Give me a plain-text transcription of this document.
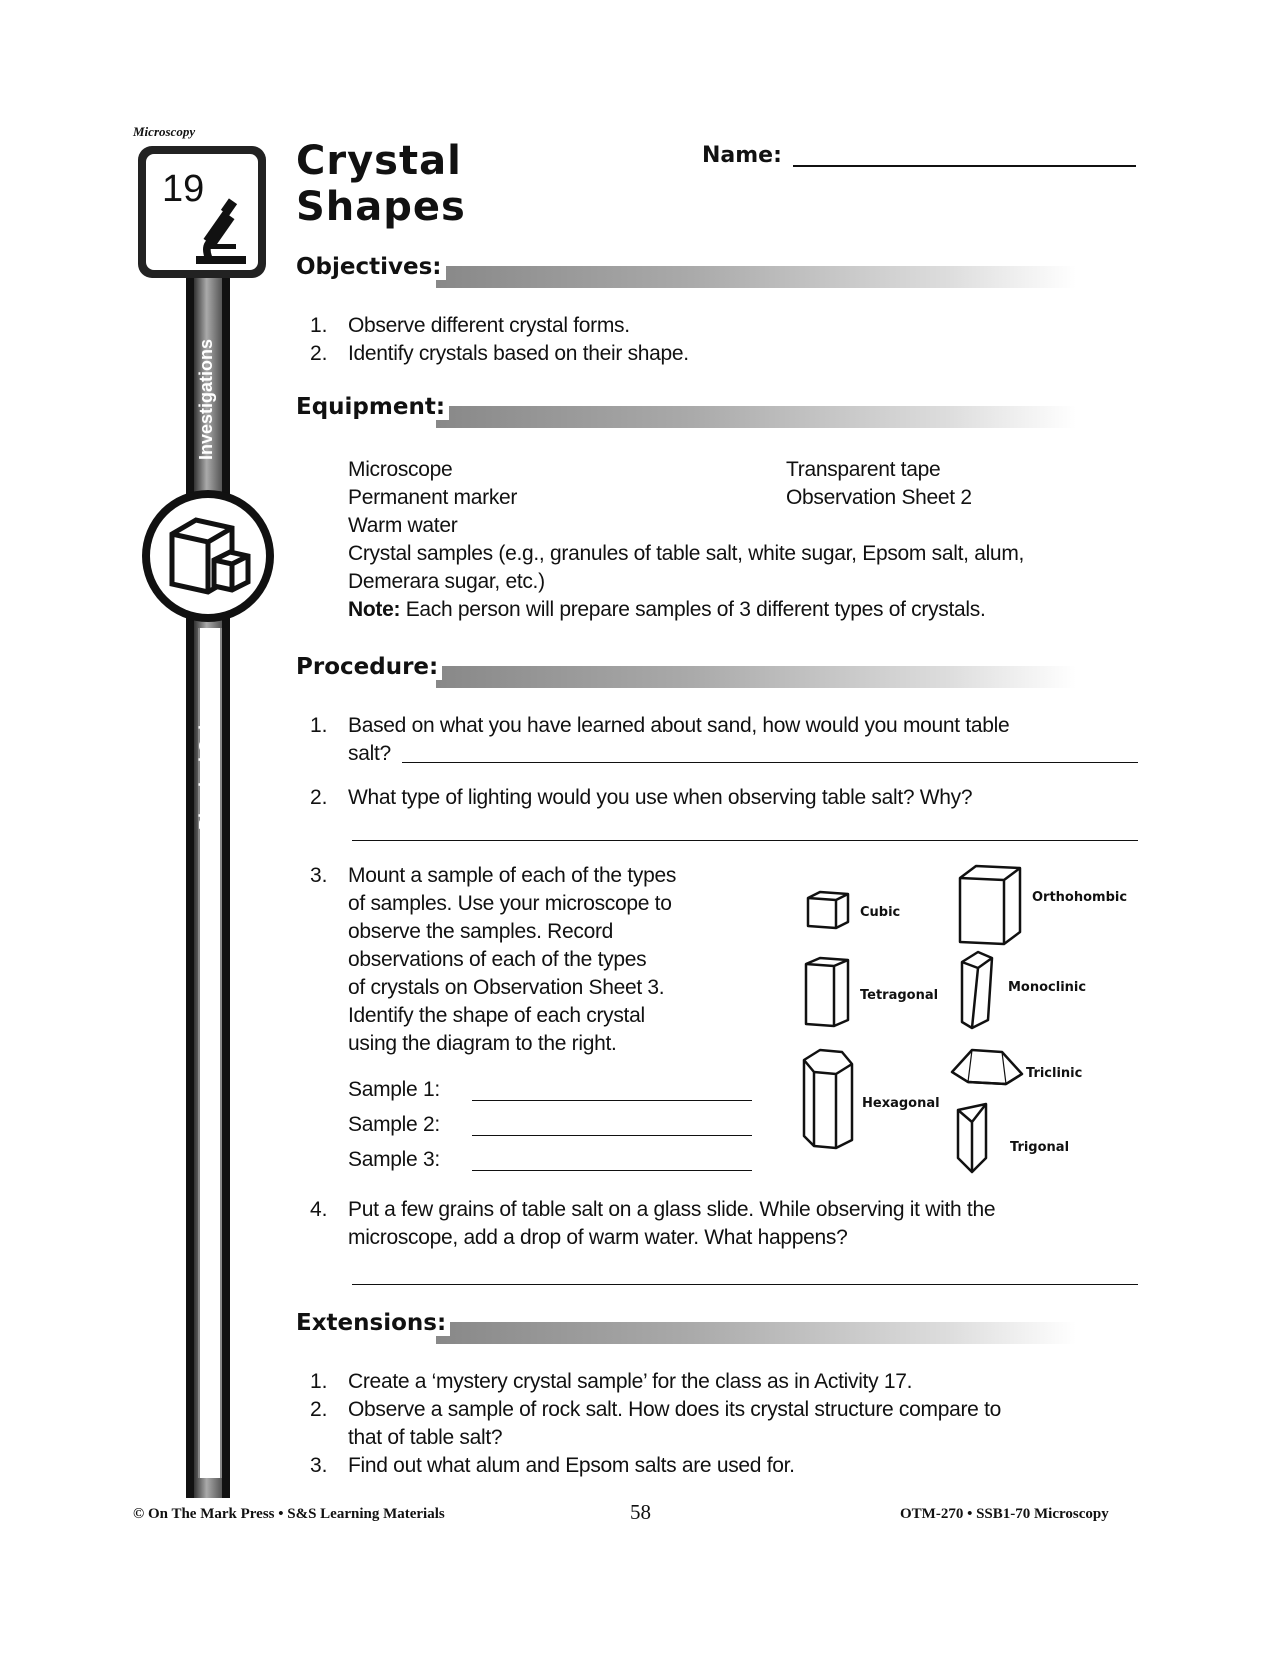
Microscopy
19
Investigations
Physical Science
Crystal
Shapes
Name:
Objectives:
1. Observe different crystal forms.
2. Identify crystals based on their shape.
Equipment:
Microscope
Permanent marker
Warm water
Transparent tape
Observation Sheet 2
Crystal samples (e.g., granules of table salt, white sugar, Epsom salt, alum,
Demerara sugar, etc.)
Note: Each person will prepare samples of 3 different types of crystals.
Procedure:
1. Based on what you have learned about sand, how would you mount table
salt?
2. What type of lighting would you use when observing table salt? Why?
3. Mount a sample of each of the types
of samples. Use your microscope to
observe the samples. Record
observations of each of the types
of crystals on Observation Sheet 3.
Identify the shape of each crystal
using the diagram to the right.
Sample 1:
Sample 2:
Sample 3:
Cubic
Orthohombic
Tetragonal
Monoclinic
Triclinic
Hexagonal
Trigonal
4. Put a few grains of table salt on a glass slide. While observing it with the
microscope, add a drop of warm water. What happens?
Extensions:
1. Create a ‘mystery crystal sample’ for the class as in Activity 17.
2. Observe a sample of rock salt. How does its crystal structure compare to
that of table salt?
3. Find out what alum and Epsom salts are used for.
© On The Mark Press • S&S Learning Materials	58	OTM-270 • SSB1-70 Microscopy
